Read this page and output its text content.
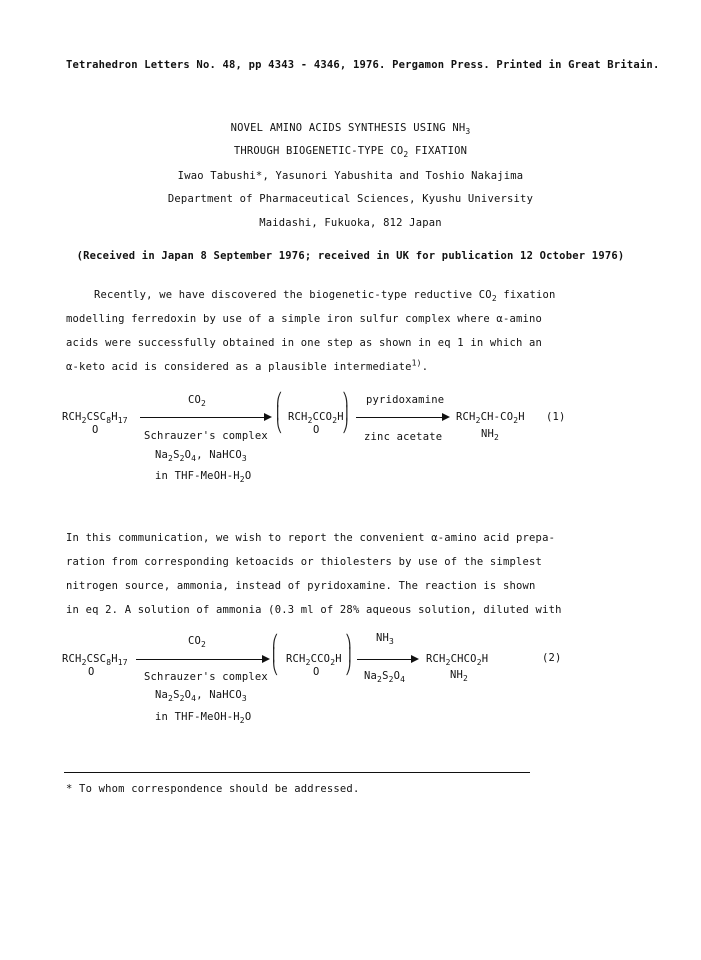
Tetrahedron Letters No. 48, pp 4343 - 4346, 1976. Pergamon Press. Printed in Great Britain.
NOVEL AMINO ACIDS SYNTHESIS USING $NH_3$
THROUGH BIOGENETIC-TYPE $CO_2$ FIXATION
Iwao Tabushi*, Yasunori Yabushita and Toshio Nakajima
Department of Pharmaceutical Sciences, Kyushu University
Maidashi, Fukuoka, 812 Japan
(Received in Japan 8 September 1976; received in UK for publication 12 October 1976)
Recently, we have discovered the biogenetic-type reductive $CO_2$ fixation
modelling ferredoxin by use of a simple iron sulfur complex where α-amino
acids were successfully obtained in one step as shown in eq 1 in which an
α-keto acid is considered as a plausible intermediate$^{1)}$.
$CO_2$
$RCH_2CSC_8H_{17}$
O
⎛
⎜
⎝
$RCH_2CCO_2H$
O
⎞
⎟
⎠
pyridoxamine
zinc acetate
$RCH_2CH-CO_2H$
$NH_2$
(1)
Schrauzer's complex
$Na_2S_2O_4$, NaHCO$_3$
in THF-$MeOH-H_2O$
In this communication, we wish to report the convenient α-amino acid prepa-
ration from corresponding ketoacids or thiolesters by use of the simplest
nitrogen source, ammonia, instead of pyridoxamine. The reaction is shown
in eq 2. A solution of ammonia (0.3 ml of 28% aqueous solution, diluted with
$CO_2$
$RCH_2CSC_8H_{17}$
O
⎛
⎜
⎝
$RCH_2CCO_2H$
O
⎞
⎟
⎠
$NH_3$
$Na_2S_2O_4$
$RCH_2CHCO_2H$
$NH_2$
(2)
Schrauzer's complex
$Na_2S_2O_4$, NaHCO$_3$
in THF-$MeOH-H_2O$
* To whom correspondence should be addressed.
